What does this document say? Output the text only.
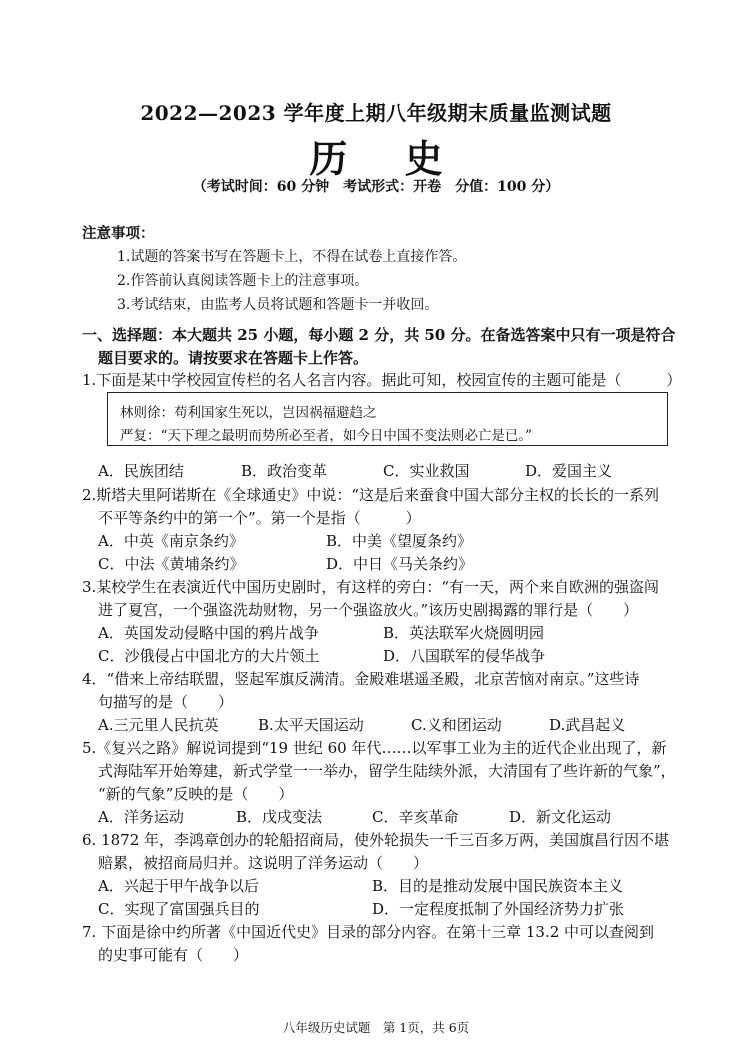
2022—2023 学年度上期八年级期末质量监测试题
历 史
（考试时间：60 分钟　考试形式：开卷　分值：100 分）
注意事项：
1.试题的答案书写在答题卡上，不得在试卷上直接作答。
2.作答前认真阅读答题卡上的注意事项。
3.考试结束，由监考人员将试题和答题卡一并收回。
一、选择题：本大题共 25 小题，每小题 2 分，共 50 分。在备选答案中只有一项是符合
题目要求的。请按要求在答题卡上作答。
1.下面是某中学校园宣传栏的名人名言内容。据此可知，校园宣传的主题可能是（　　　）
林则徐：苟利国家生死以，岂因祸福避趋之
严复：“天下理之最明而势所必至者，如今日中国不变法则必亡是已。”
A．民族团结	B．政治变革	C．实业救国	D．爱国主义
2.斯塔夫里阿诺斯在《全球通史》中说：“这是后来蚕食中国大部分主权的长长的一系列
不平等条约中的第一个”。第一个是指（　　　）
A．中英《南京条约》	B．中美《望厦条约》
C．中法《黄埔条约》	D．中日《马关条约》
3.某校学生在表演近代中国历史剧时，有这样的旁白：“有一天，两个来自欧洲的强盗闯
进了夏宫，一个强盗洗劫财物，另一个强盗放火。”该历史剧揭露的罪行是（　　）
A．英国发动侵略中国的鸦片战争	B．英法联军火烧圆明园
C．沙俄侵占中国北方的大片领土	D．八国联军的侵华战争
4．“借来上帝结联盟，竖起军旗反满清。金殿难堪遥圣殿，北京苦恼对南京。”这些诗
句描写的是（　　）
A.三元里人民抗英	B.太平天国运动	C.义和团运动	D.武昌起义
5.《复兴之路》解说词提到“19 世纪 60 年代……以军事工业为主的近代企业出现了，新
式海陆军开始筹建，新式学堂一一举办，留学生陆续外派，大清国有了些许新的气象”，
“新的气象”反映的是（　　）
A．洋务运动	B．戊戌变法	C．辛亥革命	D．新文化运动
6. 1872 年，李鸿章创办的轮船招商局，使外轮损失一千三百多万两，美国旗昌行因不堪
赔累，被招商局归并。这说明了洋务运动（　　）
A．兴起于甲午战争以后	B．目的是推动发展中国民族资本主义
C．实现了富国强兵目的	D．一定程度抵制了外国经济势力扩张
7. 下面是徐中约所著《中国近代史》目录的部分内容。在第十三章 13.2 中可以查阅到
的史事可能有（　　）
八年级历史试题　第 1页，共 6页
